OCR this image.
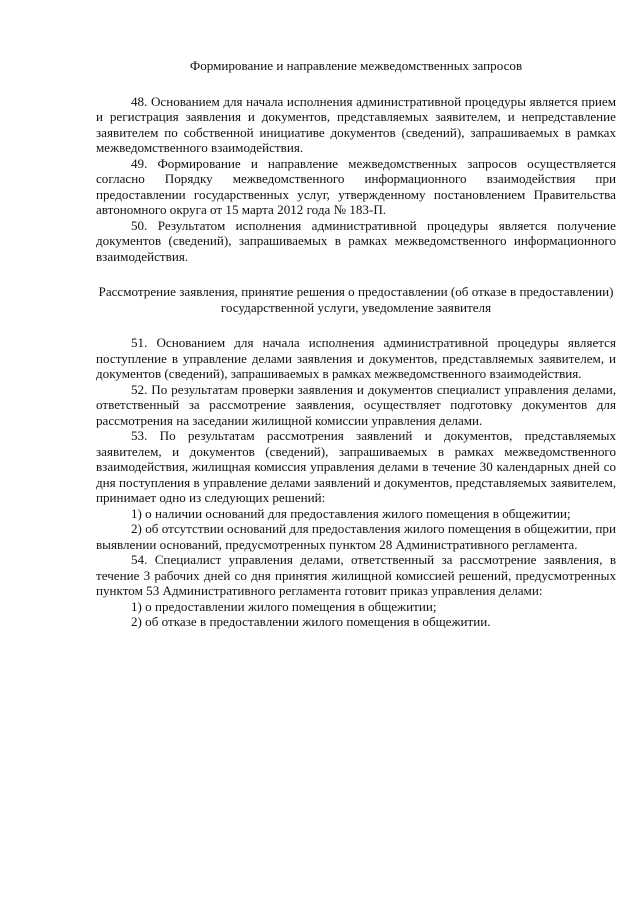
Формирование и направление межведомственных запросов

48. Основанием для начала исполнения административной процедуры является прием и регистрация заявления и документов, представляемых заявителем, и непредставление заявителем по собственной инициативе документов (сведений), запрашиваемых в рамках межведомственного взаимодействия.

49. Формирование и направление межведомственных запросов осуществляется согласно Порядку межведомственного информационного взаимодействия при предоставлении государственных услуг, утвержденному постановлением Правительства автономного округа от 15 марта 2012 года № 183-П.

50. Результатом исполнения административной процедуры является получение документов (сведений), запрашиваемых в рамках межведомственного информационного взаимодействия.

Рассмотрение заявления, принятие решения о предоставлении (об отказе в предоставлении) государственной услуги, уведомление заявителя

51. Основанием для начала исполнения административной процедуры является поступление в управление делами заявления и документов, представляемых заявителем, и документов (сведений), запрашиваемых в рамках межведомственного взаимодействия.

52. По результатам проверки заявления и документов специалист управления делами, ответственный за рассмотрение заявления, осуществляет подготовку документов для рассмотрения на заседании жилищной комиссии управления делами.

53. По результатам рассмотрения заявлений и документов, представляемых заявителем, и документов (сведений), запрашиваемых в рамках межведомственного взаимодействия, жилищная комиссия управления делами в течение 30 календарных дней со дня поступления в управление делами заявлений и документов, представляемых заявителем, принимает одно из следующих решений:

1) о наличии оснований для предоставления жилого помещения в общежитии;

2) об отсутствии оснований для предоставления жилого помещения в общежитии, при выявлении оснований, предусмотренных пунктом 28 Административного регламента.

54. Специалист управления делами, ответственный за рассмотрение заявления, в течение 3 рабочих дней со дня принятия жилищной комиссией решений, предусмотренных пунктом 53 Административного регламента готовит приказ управления делами:

1) о предоставлении жилого помещения в общежитии;

2) об отказе в предоставлении жилого помещения в общежитии.
